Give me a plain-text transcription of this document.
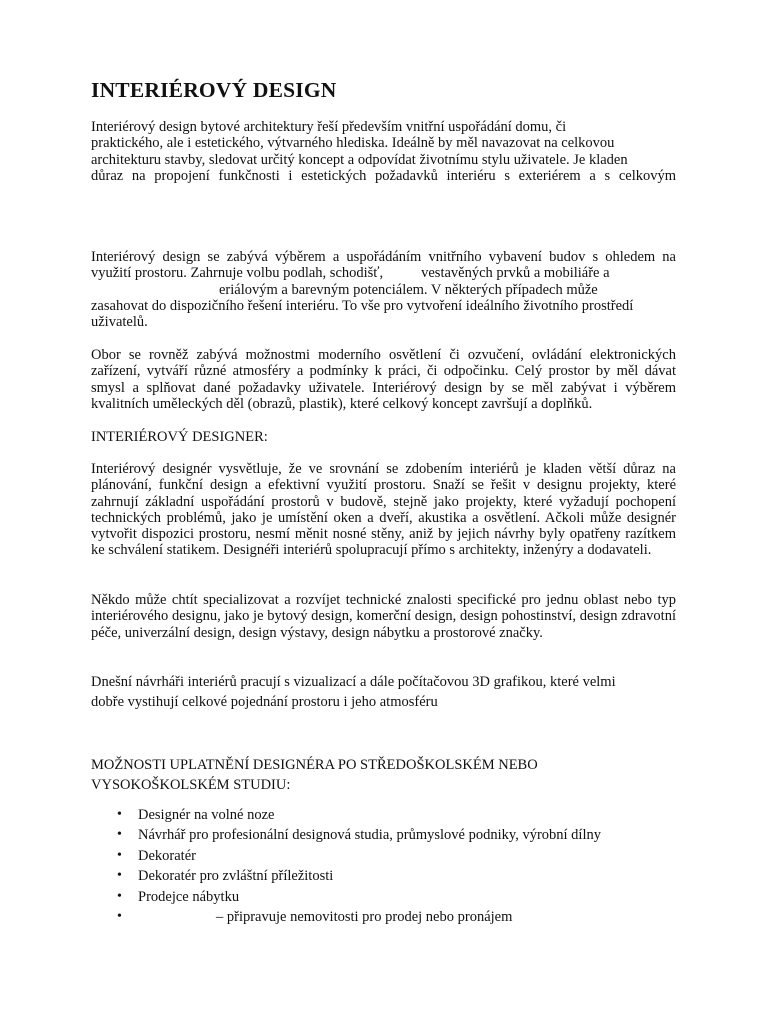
INTERIÉROVÝ DESIGN

Interiérový design bytové architektury řeší především vnitřní uspořádání domu, či

praktického, ale i estetického, výtvarného hlediska. Ideálně by měl navazovat na celkovou

architekturu stavby, sledovat určitý koncept a odpovídat životnímu stylu uživatele. Je kladen

důraz na propojení funkčnosti i estetických požadavků interiéru s exteriérem a s celkovým

Interiérový design se zabývá výběrem a uspořádáním vnitřního vybavení budov s ohledem na

využití prostoru. Zahrnuje volbu podlah, schodišť,	vestavěných prvků a mobiliáře a

eriálovým a barevným potenciálem. V některých případech může

zasahovat do dispozičního řešení interiéru. To vše pro vytvoření ideálního životního prostředí

uživatelů.

Obor se rovněž zabývá možnostmi moderního osvětlení či ozvučení, ovládání elektronických zařízení, vytváří různé atmosféry a podmínky k práci, či odpočinku. Celý prostor by měl dávat smysl a splňovat dané požadavky uživatele. Interiérový design by se měl zabývat i výběrem kvalitních uměleckých děl (obrazů, plastik), které celkový koncept završují a doplňků.

INTERIÉROVÝ DESIGNER:

Interiérový designér vysvětluje, že ve srovnání se zdobením interiérů je kladen větší důraz na plánování, funkční design a efektivní využití prostoru. Snaží se řešit v designu projekty, které zahrnují základní uspořádání prostorů v budově, stejně jako projekty, které vyžadují pochopení technických problémů, jako je umístění oken a dveří, akustika a osvětlení. Ačkoli může designér vytvořit dispozici prostoru, nesmí měnit nosné stěny, aniž by jejich návrhy byly opatřeny razítkem ke schválení statikem. Designéři interiérů spolupracují přímo s architekty, inženýry a dodavateli.

Někdo může chtít specializovat a rozvíjet technické znalosti specifické pro jednu oblast nebo typ interiérového designu, jako je bytový design, komerční design, design pohostinství, design zdravotní péče, univerzální design, design výstavy, design nábytku a prostorové značky.

Dnešní návrháři interiérů pracují s vizualizací a dále počítačovou 3D grafikou, které velmi

dobře vystihují celkové pojednání prostoru i jeho atmosféru

MOŽNOSTI UPLATNĚNÍ DESIGNÉRA PO STŘEDOŠKOLSKÉM NEBO

VYSOKOŠKOLSKÉM STUDIU:

• Designér na volné noze
• Návrhář pro profesionální designová studia, průmyslové podniky, výrobní dílny
• Dekoratér
• Dekoratér pro zvláštní příležitosti
• Prodejce nábytku
•	– připravuje nemovitosti pro prodej nebo pronájem
